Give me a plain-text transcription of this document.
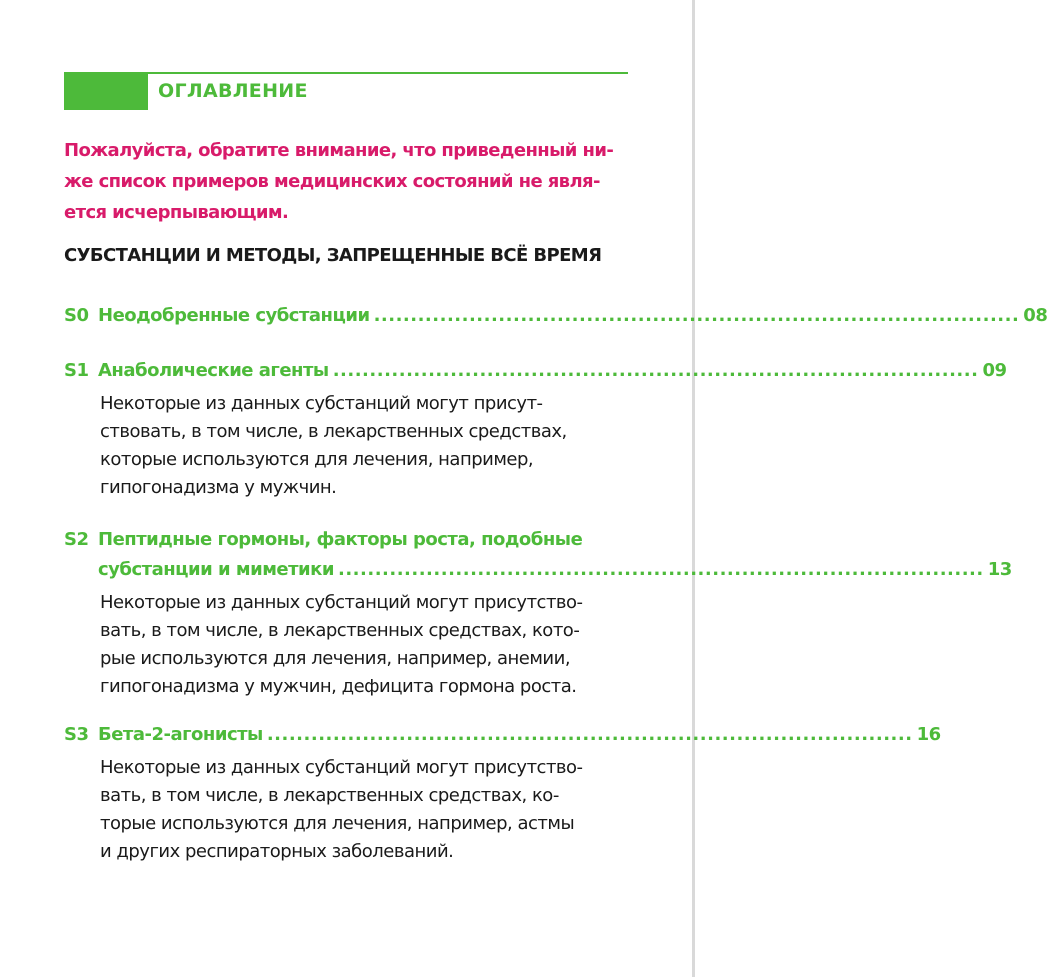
ОГЛАВЛЕНИЕ
Пожалуйста, обратите внимание, что приведенный ни-
же список примеров медицинских состояний не явля-
ется исчерпывающим.
СУБСТАНЦИИ И МЕТОДЫ, ЗАПРЕЩЕННЫЕ ВСЁ ВРЕМЯ
S0 Неодобренные субстанции ........................................................................................ 08
S1 Анаболические агенты ........................................................................................ 09
Некоторые из данных субстанций могут присут-
ствовать, в том числе, в лекарственных средствах,
которые используются для лечения, например,
гипогонадизма у мужчин.
S2 Пептидные гормоны, факторы роста, подобные
субстанции и миметики ........................................................................................ 13
Некоторые из данных субстанций могут присутство-
вать, в том числе, в лекарственных средствах, кото-
рые используются для лечения, например, анемии,
гипогонадизма у мужчин, дефицита гормона роста.
S3 Бета-2-агонисты ........................................................................................ 16
Некоторые из данных субстанций могут присутство-
вать, в том числе, в лекарственных средствах, ко-
торые используются для лечения, например, астмы
и других респираторных заболеваний.
